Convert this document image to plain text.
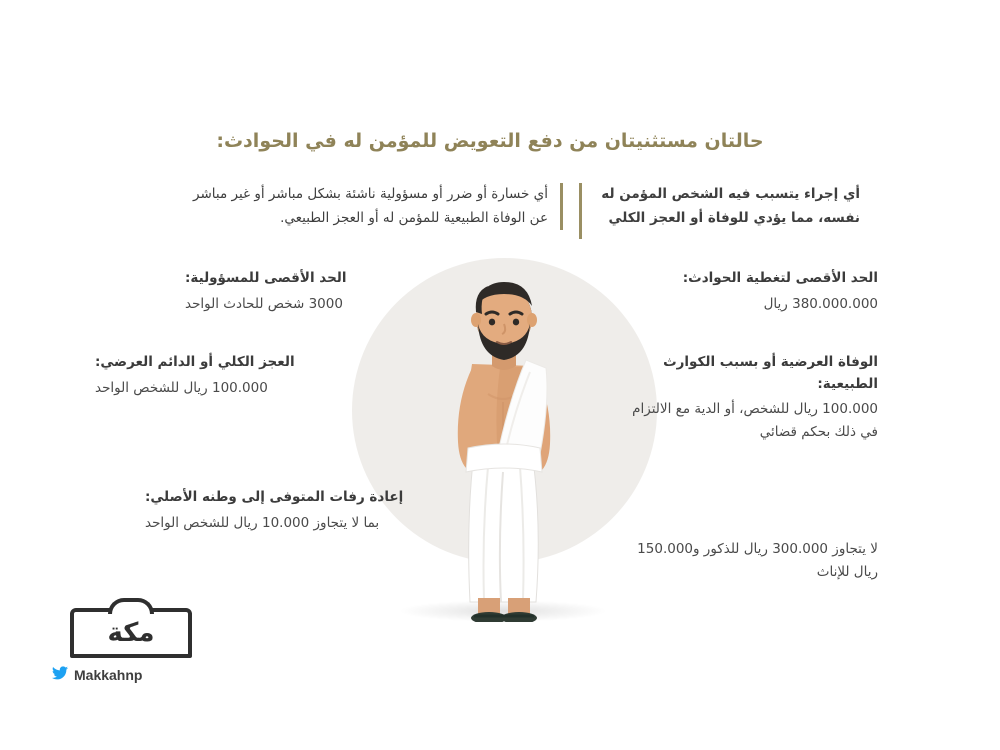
حالتان مستثنيتان من دفع التعويض للمؤمن له في الحوادث:
أي خسارة أو ضرر أو مسؤولية ناشئة بشكل مباشر أو غير مباشر عن الوفاة الطبيعية للمؤمن له أو العجز الطبيعي.
أي إجراء يتسبب فيه الشخص المؤمن له نفسه، مما يؤدي للوفاة أو العجز الكلي
الحد الأقصى لتغطية الحوادث:
380.000.000 ريال
الوفاة العرضية أو بسبب الكوارث الطبيعية:
100.000 ريال للشخص، أو الدية مع الالتزام في ذلك بحكم قضائي
لا يتجاوز 300.000 ريال للذكور و150.000 ريال للإناث
الحد الأقصى للمسؤولية:
3000 شخص للحادث الواحد
العجز الكلي أو الدائم العرضي:
100.000 ريال للشخص الواحد
إعادة رفات المتوفى إلى وطنه الأصلي:
بما لا يتجاوز 10.000 ريال للشخص الواحد
مكة
Makkahnp
